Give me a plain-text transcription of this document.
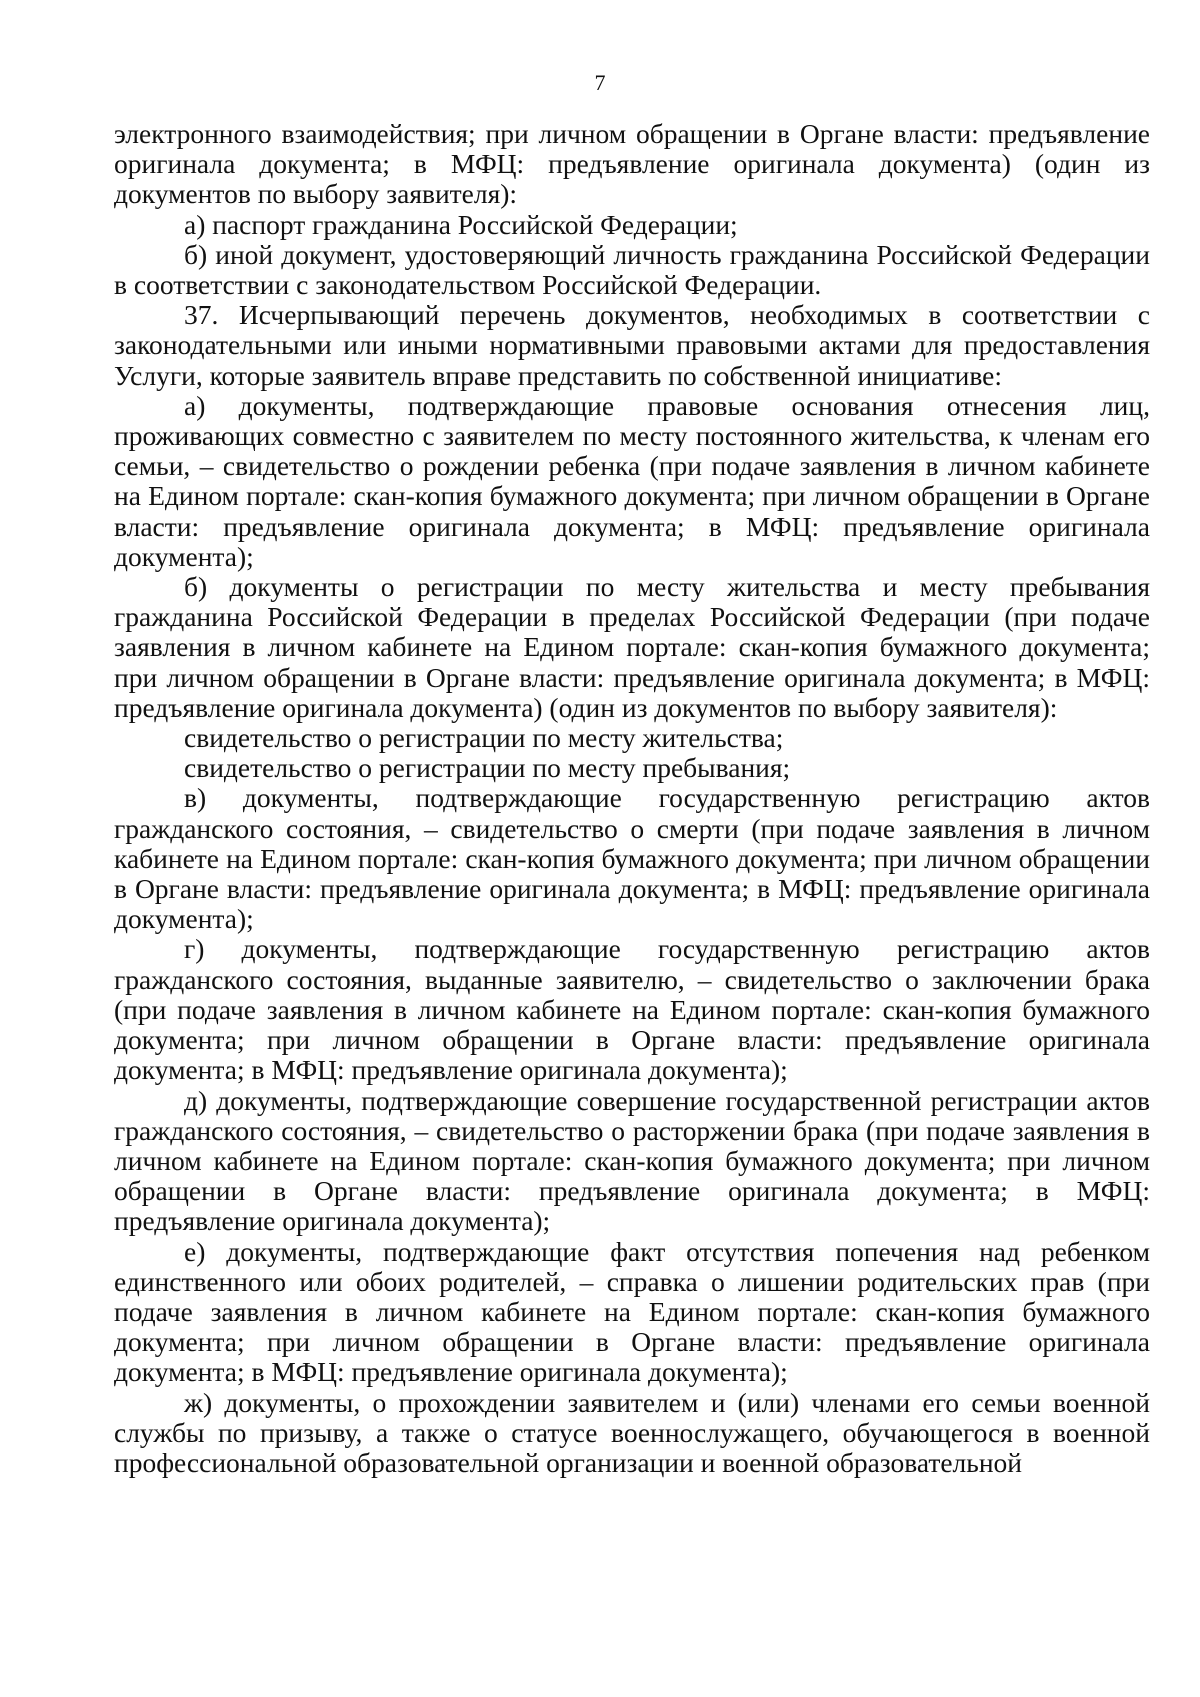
7

электронного взаимодействия; при личном обращении в Органе власти: предъявление оригинала документа; в МФЦ: предъявление оригинала документа) (один из документов по выбору заявителя):

а) паспорт гражданина Российской Федерации;

б) иной документ, удостоверяющий личность гражданина Российской Федерации в соответствии с законодательством Российской Федерации.

37. Исчерпывающий перечень документов, необходимых в соответствии с законодательными или иными нормативными правовыми актами для предоставления Услуги, которые заявитель вправе представить по собственной инициативе:

а) документы, подтверждающие правовые основания отнесения лиц, проживающих совместно с заявителем по месту постоянного жительства, к членам его семьи, – свидетельство о рождении ребенка (при подаче заявления в личном кабинете на Едином портале: скан-копия бумажного документа; при личном обращении в Органе власти: предъявление оригинала документа; в МФЦ: предъявление оригинала документа);

б) документы о регистрации по месту жительства и месту пребывания гражданина Российской Федерации в пределах Российской Федерации (при подаче заявления в личном кабинете на Едином портале: скан-копия бумажного документа; при личном обращении в Органе власти: предъявление оригинала документа; в МФЦ: предъявление оригинала документа) (один из документов по выбору заявителя):

свидетельство о регистрации по месту жительства;

свидетельство о регистрации по месту пребывания;

в) документы, подтверждающие государственную регистрацию актов гражданского состояния, – свидетельство о смерти (при подаче заявления в личном кабинете на Едином портале: скан-копия бумажного документа; при личном обращении в Органе власти: предъявление оригинала документа; в МФЦ: предъявление оригинала документа);

г) документы, подтверждающие государственную регистрацию актов гражданского состояния, выданные заявителю, – свидетельство о заключении брака (при подаче заявления в личном кабинете на Едином портале: скан-копия бумажного документа; при личном обращении в Органе власти: предъявление оригинала документа; в МФЦ: предъявление оригинала документа);

д) документы, подтверждающие совершение государственной регистрации актов гражданского состояния, – свидетельство о расторжении брака (при подаче заявления в личном кабинете на Едином портале: скан-копия бумажного документа; при личном обращении в Органе власти: предъявление оригинала документа; в МФЦ: предъявление оригинала документа);

е) документы, подтверждающие факт отсутствия попечения над ребенком единственного или обоих родителей, – справка о лишении родительских прав (при подаче заявления в личном кабинете на Едином портале: скан-копия бумажного документа; при личном обращении в Органе власти: предъявление оригинала документа; в МФЦ: предъявление оригинала документа);

ж) документы, о прохождении заявителем и (или) членами его семьи военной службы по призыву, а также о статусе военнослужащего, обучающегося в военной профессиональной образовательной организации и военной образовательной
